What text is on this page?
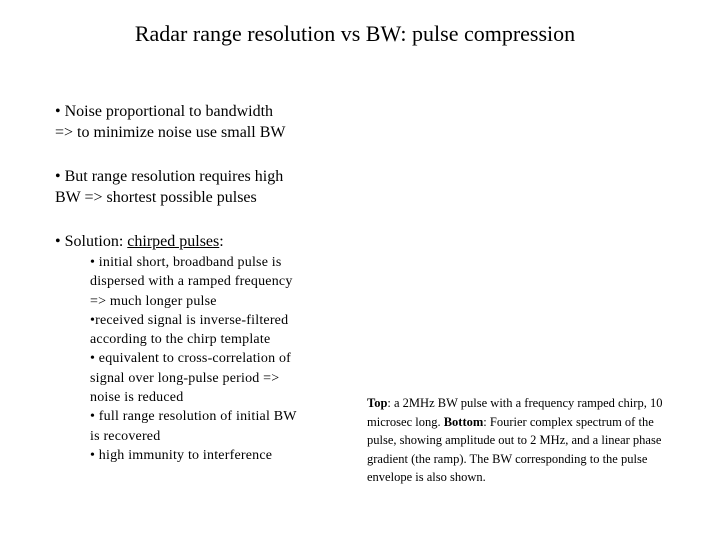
Radar range resolution vs BW: pulse compression
• Noise proportional to bandwidth
=> to minimize noise use small BW
• But range resolution requires high
BW => shortest possible pulses
• Solution: chirped pulses:
• initial short, broadband pulse is
dispersed with a ramped frequency
=> much longer pulse
•received signal is inverse-filtered
according to the chirp template
• equivalent to cross-correlation of
signal over long-pulse period =>
noise is reduced
• full range resolution of initial BW
is recovered
• high immunity to interference
Top: a 2MHz BW pulse with a frequency ramped chirp, 10 microsec long. Bottom: Fourier complex spectrum of the pulse, showing amplitude out to 2 MHz, and a linear phase gradient (the ramp). The BW corresponding to the pulse envelope is also shown.
